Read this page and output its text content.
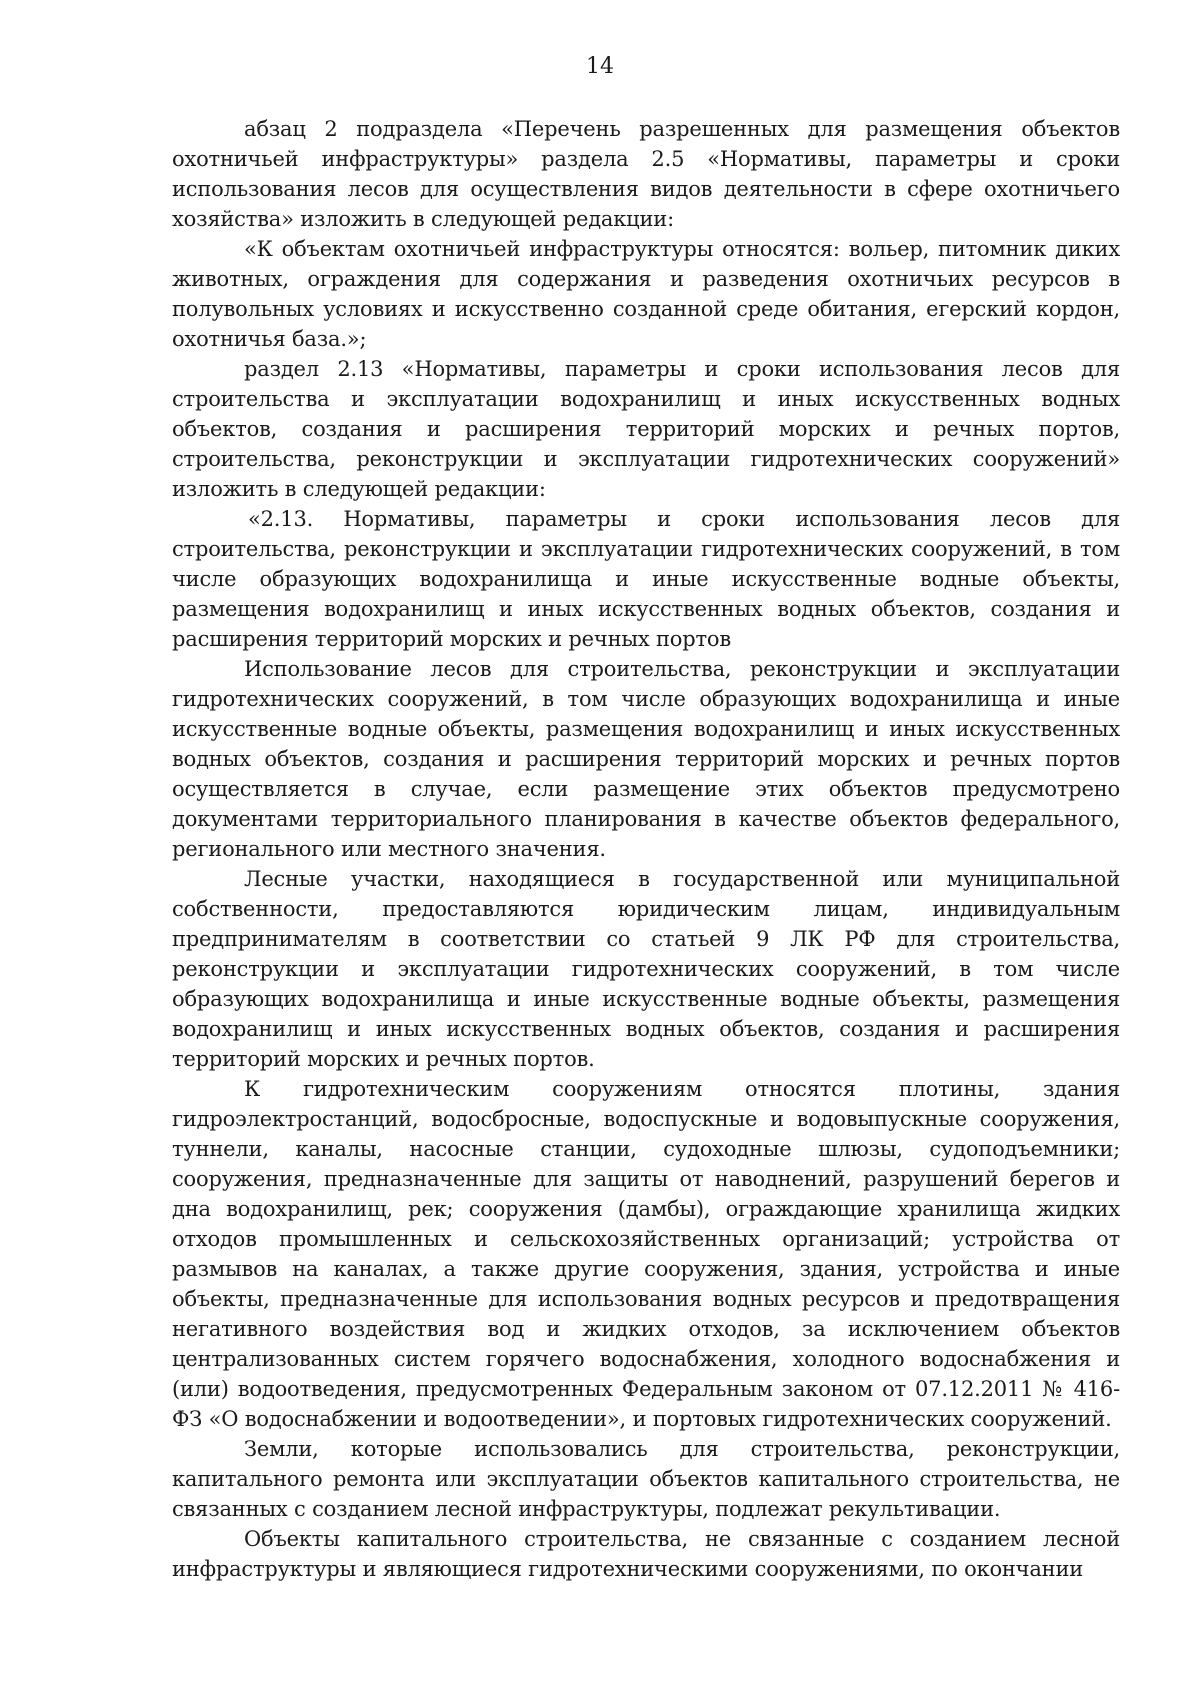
14

абзац 2 подраздела «Перечень разрешенных для размещения объектов охотничьей инфраструктуры» раздела 2.5 «Нормативы, параметры и сроки использования лесов для осуществления видов деятельности в сфере охотничьего хозяйства» изложить в следующей редакции:

«К объектам охотничьей инфраструктуры относятся: вольер, питомник диких животных, ограждения для содержания и разведения охотничьих ресурсов в полувольных условиях и искусственно созданной среде обитания, егерский кордон, охотничья база.»;

раздел 2.13 «Нормативы, параметры и сроки использования лесов для строительства и эксплуатации водохранилищ и иных искусственных водных объектов, создания и расширения территорий морских и речных портов, строительства, реконструкции и эксплуатации гидротехнических сооружений» изложить в следующей редакции:

«2.13. Нормативы, параметры и сроки использования лесов для строительства, реконструкции и эксплуатации гидротехнических сооружений, в том числе образующих водохранилища и иные искусственные водные объекты, размещения водохранилищ и иных искусственных водных объектов, создания и расширения территорий морских и речных портов

Использование лесов для строительства, реконструкции и эксплуатации гидротехнических сооружений, в том числе образующих водохранилища и иные искусственные водные объекты, размещения водохранилищ и иных искусственных водных объектов, создания и расширения территорий морских и речных портов осуществляется в случае, если размещение этих объектов предусмотрено документами территориального планирования в качестве объектов федерального, регионального или местного значения.

Лесные участки, находящиеся в государственной или муниципальной собственности, предоставляются юридическим лицам, индивидуальным предпринимателям в соответствии со статьей 9 ЛК РФ для строительства, реконструкции и эксплуатации гидротехнических сооружений, в том числе образующих водохранилища и иные искусственные водные объекты, размещения водохранилищ и иных искусственных водных объектов, создания и расширения территорий морских и речных портов.

К гидротехническим сооружениям относятся плотины, здания гидроэлектростанций, водосбросные, водоспускные и водовыпускные сооружения, туннели, каналы, насосные станции, судоходные шлюзы, судоподъемники; сооружения, предназначенные для защиты от наводнений, разрушений берегов и дна водохранилищ, рек; сооружения (дамбы), ограждающие хранилища жидких отходов промышленных и сельскохозяйственных организаций; устройства от размывов на каналах, а также другие сооружения, здания, устройства и иные объекты, предназначенные для использования водных ресурсов и предотвращения негативного воздействия вод и жидких отходов, за исключением объектов централизованных систем горячего водоснабжения, холодного водоснабжения и (или) водоотведения, предусмотренных Федеральным законом от 07.12.2011 № 416-ФЗ «О водоснабжении и водоотведении», и портовых гидротехнических сооружений.

Земли, которые использовались для строительства, реконструкции, капитального ремонта или эксплуатации объектов капитального строительства, не связанных с созданием лесной инфраструктуры, подлежат рекультивации.

Объекты капитального строительства, не связанные с созданием лесной инфраструктуры и являющиеся гидротехническими сооружениями, по окончании
